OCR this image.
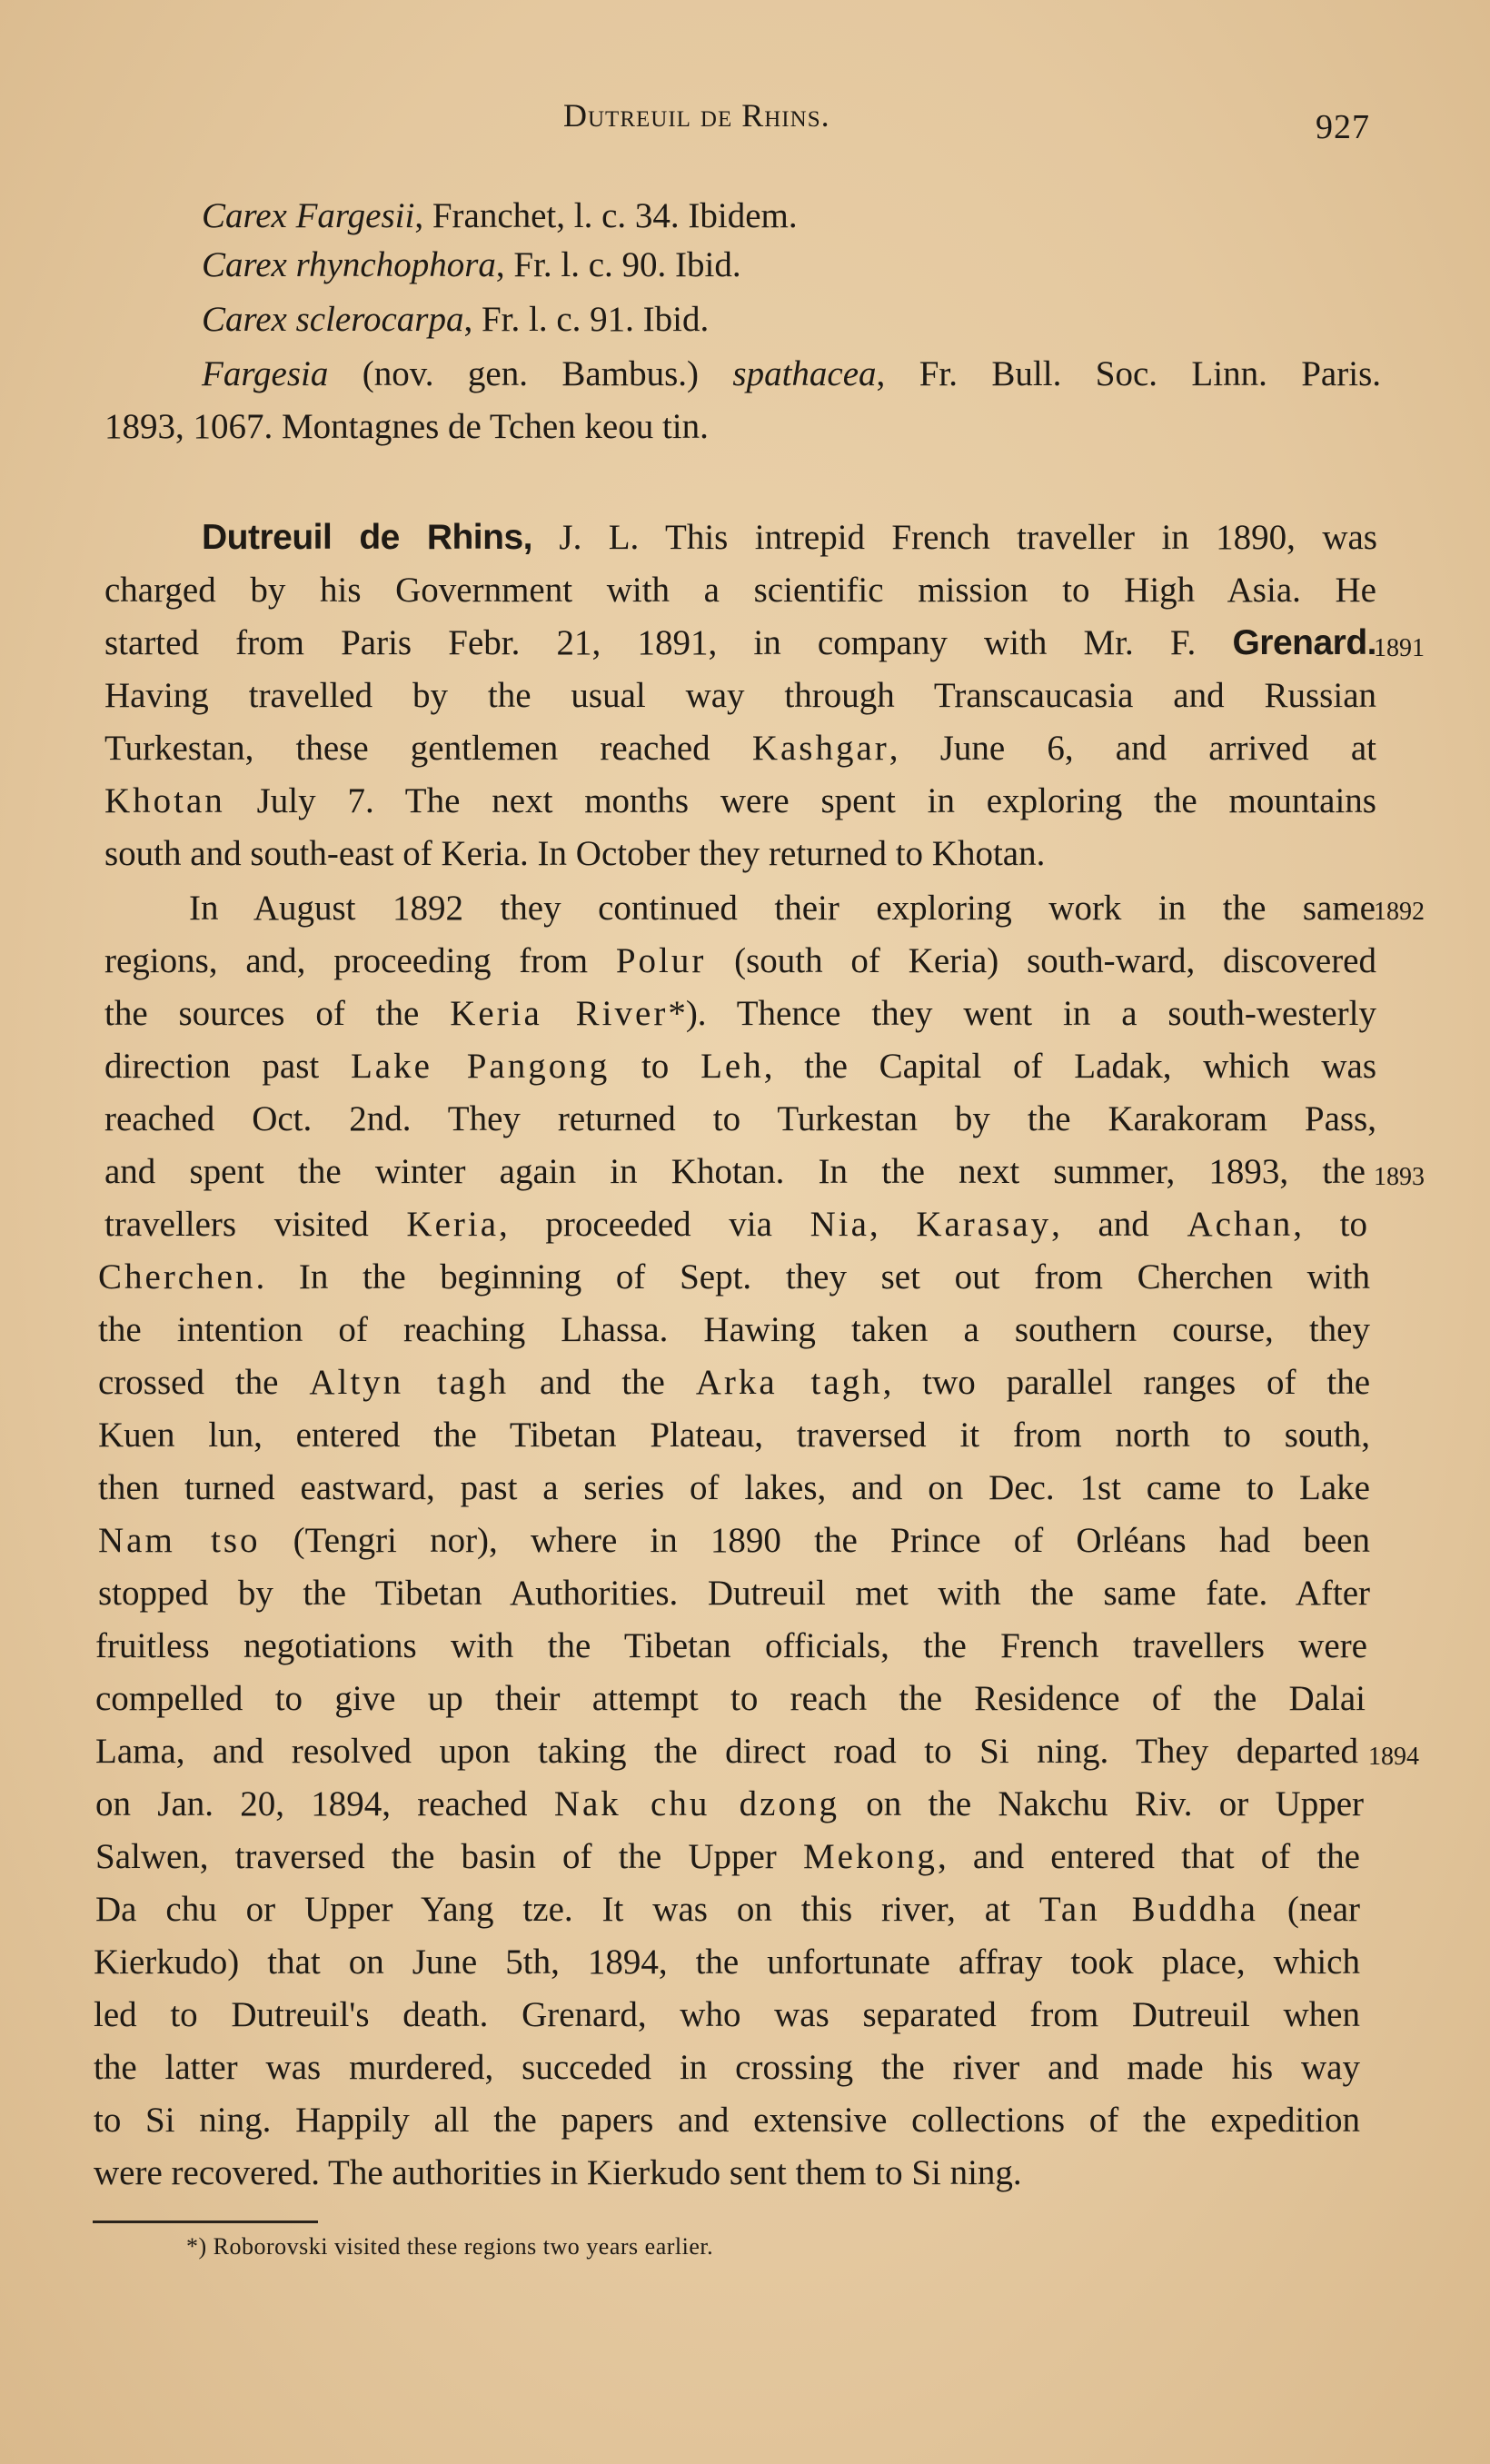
Dutreuil de Rhins.	927
Carex Fargesii, Franchet, l. c. 34. Ibidem.
Carex rhynchophora, Fr. l. c. 90. Ibid.
Carex sclerocarpa, Fr. l. c. 91. Ibid.
Fargesia (nov. gen. Bambus.) spathacea, Fr. Bull. Soc. Linn. Paris.
1893, 1067. Montagnes de Tchen keou tin.
Dutreuil de Rhins, J. L. This intrepid French traveller in 1890, was
charged by his Government with a scientific mission to High Asia. He
started from Paris Febr. 21, 1891, in company with Mr. F. Grenard.
Having travelled by the usual way through Transcaucasia and Russian
Turkestan, these gentlemen reached Kashgar, June 6, and arrived at
Khotan July 7. The next months were spent in exploring the mountains
south and south-east of Keria. In October they returned to Khotan.
In August 1892 they continued their exploring work in the same
regions, and, proceeding from Polur (south of Keria) south-ward, discovered
the sources of the Keria River*). Thence they went in a south-westerly
direction past Lake Pangong to Leh, the Capital of Ladak, which was
reached Oct. 2nd. They returned to Turkestan by the Karakoram Pass,
and spent the winter again in Khotan. In the next summer, 1893, the
travellers visited Keria, proceeded via Nia, Karasay, and Achan, to
Cherchen. In the beginning of Sept. they set out from Cherchen with
the intention of reaching Lhassa. Hawing taken a southern course, they
crossed the Altyn tagh and the Arka tagh, two parallel ranges of the
Kuen lun, entered the Tibetan Plateau, traversed it from north to south,
then turned eastward, past a series of lakes, and on Dec. 1st came to Lake
Nam tso (Tengri nor), where in 1890 the Prince of Orléans had been
stopped by the Tibetan Authorities. Dutreuil met with the same fate. After
fruitless negotiations with the Tibetan officials, the French travellers were
compelled to give up their attempt to reach the Residence of the Dalai
Lama, and resolved upon taking the direct road to Si ning. They departed
on Jan. 20, 1894, reached Nak chu dzong on the Nakchu Riv. or Upper
Salwen, traversed the basin of the Upper Mekong, and entered that of the
Da chu or Upper Yang tze. It was on this river, at Tan Buddha (near
Kierkudo) that on June 5th, 1894, the unfortunate affray took place, which
led to Dutreuil's death. Grenard, who was separated from Dutreuil when
the latter was murdered, succeded in crossing the river and made his way
to Si ning. Happily all the papers and extensive collections of the expedition
were recovered. The authorities in Kierkudo sent them to Si ning.
1891
1892
1893
1894
*) Roborovski visited these regions two years earlier.
